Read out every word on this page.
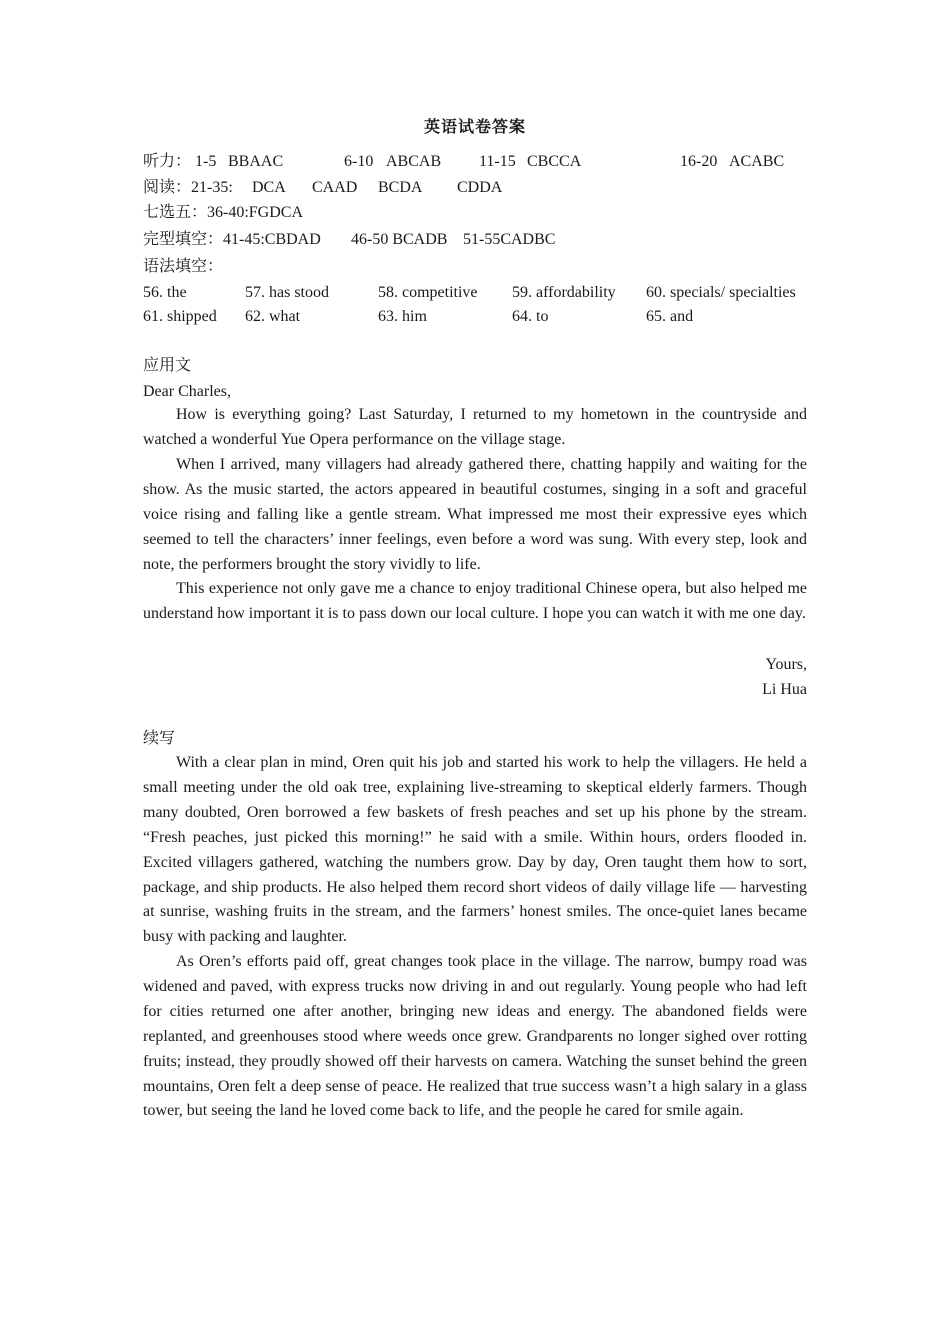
英语试卷答案
听力： 1-5 BBAAC	6-10 ABCAB 11-15 CBCCA	16-20 ACABC
阅读：21-35: DCA CAAD BCDA CDDA
七选五：36-40:FGDCA
完型填空：41-45:CBDAD 46-50 BCADB 51-55CADBC
语法填空：
56. the	57. has stood	58. competitive 59. affordability 60. specials/ specialties
61. shipped 62. what	63. him	64. to	65. and
应用文
Dear Charles,

How is everything going? Last Saturday, I returned to my hometown in the countryside and watched a wonderful Yue Opera performance on the village stage.

When I arrived, many villagers had already gathered there, chatting happily and waiting for the show. As the music started, the actors appeared in beautiful costumes, singing in a soft and graceful voice rising and falling like a gentle stream. What impressed me most their expressive eyes which seemed to tell the characters’ inner feelings, even before a word was sung. With every step, look and note, the performers brought the story vividly to life.

This experience not only gave me a chance to enjoy traditional Chinese opera, but also helped me understand how important it is to pass down our local culture. I hope you can watch it with me one day.

Yours,
Li Hua
续写

With a clear plan in mind, Oren quit his job and started his work to help the villagers. He held a small meeting under the old oak tree, explaining live-streaming to skeptical elderly farmers. Though many doubted, Oren borrowed a few baskets of fresh peaches and set up his phone by the stream. “Fresh peaches, just picked this morning!” he said with a smile. Within hours, orders flooded in. Excited villagers gathered, watching the numbers grow. Day by day, Oren taught them how to sort, package, and ship products. He also helped them record short videos of daily village life — harvesting at sunrise, washing fruits in the stream, and the farmers’ honest smiles. The once-quiet lanes became busy with packing and laughter.

As Oren’s efforts paid off, great changes took place in the village. The narrow, bumpy road was widened and paved, with express trucks now driving in and out regularly. Young people who had left for cities returned one after another, bringing new ideas and energy. The abandoned fields were replanted, and greenhouses stood where weeds once grew. Grandparents no longer sighed over rotting fruits; instead, they proudly showed off their harvests on camera. Watching the sunset behind the green mountains, Oren felt a deep sense of peace. He realized that true success wasn’t a high salary in a glass tower, but seeing the land he loved come back to life, and the people he cared for smile again.
